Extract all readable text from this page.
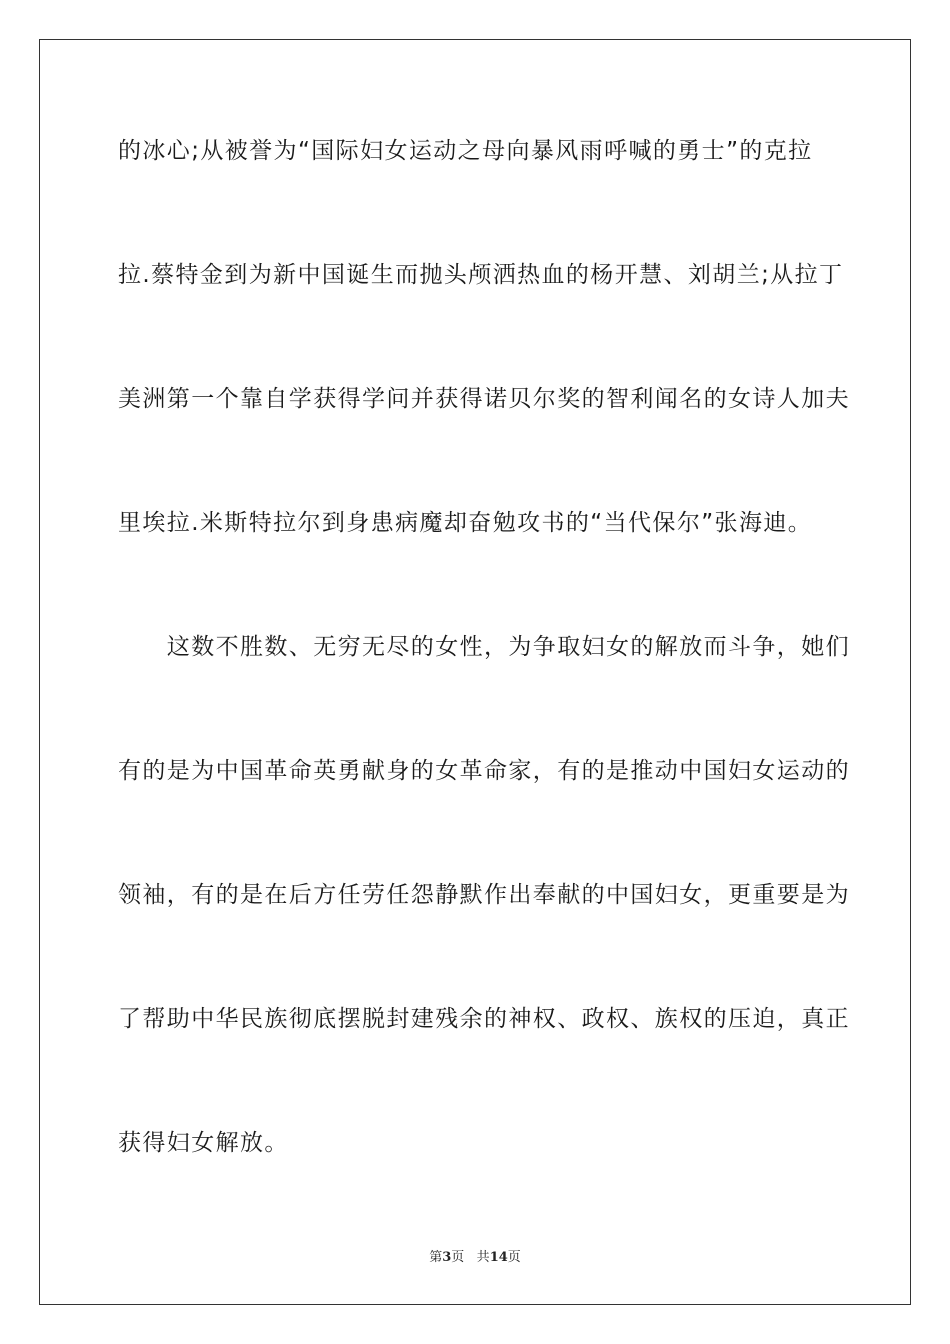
的冰心;从被誉为“国际妇女运动之母向暴风雨呼喊的勇士”的克拉
拉.蔡特金到为新中国诞生而抛头颅洒热血的杨开慧、刘胡兰;从拉丁
美洲第一个靠自学获得学问并获得诺贝尔奖的智利闻名的女诗人加夫
里埃拉.米斯特拉尔到身患病魔却奋勉攻书的“当代保尔”张海迪。
　　这数不胜数、无穷无尽的女性，为争取妇女的解放而斗争，她们
有的是为中国革命英勇献身的女革命家，有的是推动中国妇女运动的
领袖，有的是在后方任劳任怨静默作出奉献的中国妇女，更重要是为
了帮助中华民族彻底摆脱封建残余的神权、政权、族权的压迫，真正
获得妇女解放。
第3页 共14页
